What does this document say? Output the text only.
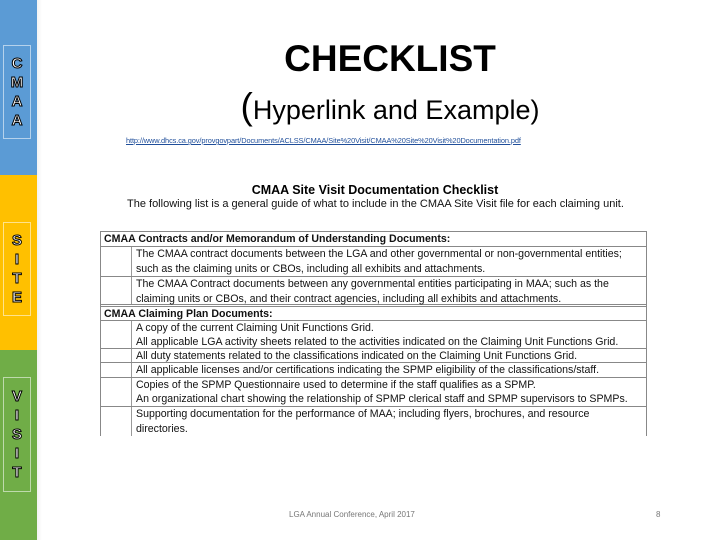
C
M
A
A
S
I
T
E
V
I
S
I
T
CHECKLIST
(Hyperlink and Example)
http://www.dhcs.ca.gov/provgovpart/Documents/ACLSS/CMAA/Site%20Visit/CMAA%20Site%20Visit%20Documentation.pdf
CMAA Site Visit Documentation Checklist
The following list is a general guide of what to include in the CMAA Site Visit file for each claiming unit.
CMAA Contracts and/or Memorandum of Understanding Documents:
The CMAA contract documents between the LGA and other governmental or non-governmental entities; such as the claiming units or CBOs, including all exhibits and attachments.
The CMAA Contract documents between any governmental entities participating in MAA; such as the claiming units or CBOs, and their contract agencies, including all exhibits and attachments.
CMAA Claiming Plan Documents:
A copy of the current Claiming Unit Functions Grid.
All applicable LGA activity sheets related to the activities indicated on the Claiming Unit Functions Grid.
All duty statements related to the classifications indicated on the Claiming Unit Functions Grid.
All applicable licenses and/or certifications indicating the SPMP eligibility of the classifications/staff.
Copies of the SPMP Questionnaire used to determine if the staff qualifies as a SPMP.
An organizational chart showing the relationship of SPMP clerical staff and SPMP supervisors to SPMPs.
Supporting documentation for the performance of MAA; including flyers, brochures, and resource directories.
LGA Annual Conference, April 2017	8
